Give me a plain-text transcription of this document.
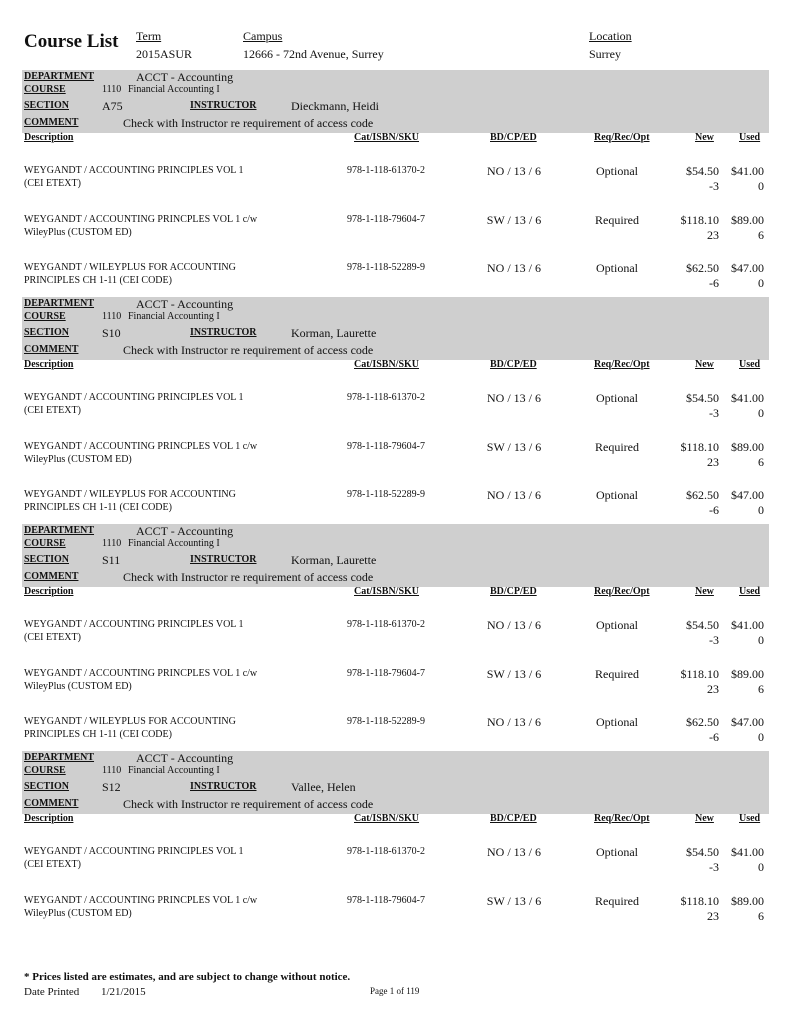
Course List Term
2015ASUR
Campus
12666 - 72nd Avenue, Surrey
Location
Surrey
DEPARTMENT	ACCT - Accounting
COURSE	1110 Financial Accounting I
SECTION	A75	INSTRUCTOR	Dieckmann, Heidi
COMMENT	Check with Instructor re requirement of access code
Description	Cat/ISBN/SKU	BD/CP/ED	Req/Rec/Opt	New	Used
WEYGANDT / ACCOUNTING PRINCIPLES VOL 1
(CEI ETEXT)
978-1-118-61370-2	NO / 13 / 6	Optional	$54.50	$41.00
-3	0
WEYGANDT / ACCOUNTING PRINCPLES VOL 1 c/w
WileyPlus (CUSTOM ED)
978-1-118-79604-7	SW / 13 / 6	Required	$118.10	$89.00
23	6
WEYGANDT / WILEYPLUS FOR ACCOUNTING
PRINCIPLES CH 1-11 (CEI CODE)
978-1-118-52289-9	NO / 13 / 6	Optional	$62.50	$47.00
-6	0
DEPARTMENT	ACCT - Accounting
COURSE	1110 Financial Accounting I
SECTION	S10	INSTRUCTOR	Korman, Laurette
COMMENT	Check with Instructor re requirement of access code
Description	Cat/ISBN/SKU	BD/CP/ED	Req/Rec/Opt	New	Used
WEYGANDT / ACCOUNTING PRINCIPLES VOL 1
(CEI ETEXT)
978-1-118-61370-2	NO / 13 / 6	Optional	$54.50	$41.00
-3	0
WEYGANDT / ACCOUNTING PRINCPLES VOL 1 c/w
WileyPlus (CUSTOM ED)
978-1-118-79604-7	SW / 13 / 6	Required	$118.10	$89.00
23	6
WEYGANDT / WILEYPLUS FOR ACCOUNTING
PRINCIPLES CH 1-11 (CEI CODE)
978-1-118-52289-9	NO / 13 / 6	Optional	$62.50	$47.00
-6	0
DEPARTMENT	ACCT - Accounting
COURSE	1110 Financial Accounting I
SECTION	S11	INSTRUCTOR	Korman, Laurette
COMMENT	Check with Instructor re requirement of access code
Description	Cat/ISBN/SKU	BD/CP/ED	Req/Rec/Opt	New	Used
WEYGANDT / ACCOUNTING PRINCIPLES VOL 1
(CEI ETEXT)
978-1-118-61370-2	NO / 13 / 6	Optional	$54.50	$41.00
-3	0
WEYGANDT / ACCOUNTING PRINCPLES VOL 1 c/w
WileyPlus (CUSTOM ED)
978-1-118-79604-7	SW / 13 / 6	Required	$118.10	$89.00
23	6
WEYGANDT / WILEYPLUS FOR ACCOUNTING
PRINCIPLES CH 1-11 (CEI CODE)
978-1-118-52289-9	NO / 13 / 6	Optional	$62.50	$47.00
-6	0
DEPARTMENT	ACCT - Accounting
COURSE	1110 Financial Accounting I
SECTION	S12	INSTRUCTOR	Vallee, Helen
COMMENT	Check with Instructor re requirement of access code
Description	Cat/ISBN/SKU	BD/CP/ED	Req/Rec/Opt	New	Used
WEYGANDT / ACCOUNTING PRINCIPLES VOL 1
(CEI ETEXT)
978-1-118-61370-2	NO / 13 / 6	Optional	$54.50	$41.00
-3	0
WEYGANDT / ACCOUNTING PRINCPLES VOL 1 c/w
WileyPlus (CUSTOM ED)
978-1-118-79604-7	SW / 13 / 6	Required	$118.10	$89.00
23	6
* Prices listed are estimates, and are subject to change without notice.
Date Printed 1/21/2015	Page 1 of 119
